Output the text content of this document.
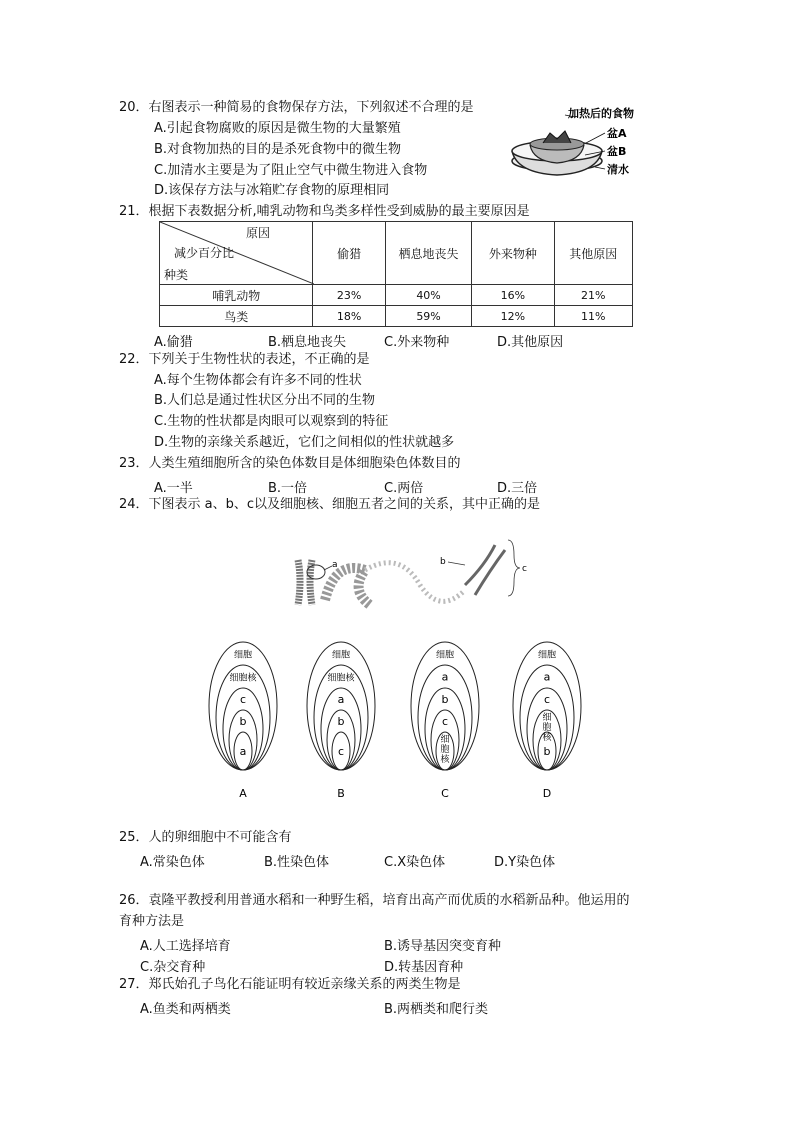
20．右图表示一种简易的食物保存方法，下列叙述不合理的是
A.引起食物腐败的原因是微生物的大量繁殖
B.对食物加热的目的是杀死食物中的微生物
C.加清水主要是为了阻止空气中微生物进入食物
D.该保存方法与冰箱贮存食物的原理相同
加热后的食物
盆A
盆B
清水
21．根据下表数据分析,哺乳动物和鸟类多样性受到威胁的最主要原因是
原因
减少百分比
种类	偷猎	栖息地丧失	外来物种	其他原因
哺乳动物	23%	40%	16%	21%
鸟类	18%	59%	12%	11%
A.偷猎	B.栖息地丧失	C.外来物种	D.其他原因
22．下列关于生物性状的表述，不正确的是
A.每个生物体都会有许多不同的性状
B.人们总是通过性状区分出不同的生物
C.生物的性状都是肉眼可以观察到的特征
D.生物的亲缘关系越近，它们之间相似的性状就越多
23．人类生殖细胞所含的染色体数目是体细胞染色体数目的
A.一半	B.一倍	C.两倍	D.三倍
24．下图表示 a、b、c以及细胞核、细胞五者之间的关系，其中正确的是
a	b
c
细胞
细胞核
c
b
a
A
细胞
细胞核
a
b
c
B
细胞
a
b
c
细
胞
核
C
细胞
a
c
细
胞
核
b
D
25．人的卵细胞中不可能含有
A.常染色体	B.性染色体	C.X染色体	D.Y染色体
26．袁隆平教授利用普通水稻和一种野生稻，培育出高产而优质的水稻新品种。他运用的
育种方法是
A.人工选择培育	B.诱导基因突变育种
C.杂交育种	D.转基因育种
27．郑氏始孔子鸟化石能证明有较近亲缘关系的两类生物是
A.鱼类和两栖类	B.两栖类和爬行类
